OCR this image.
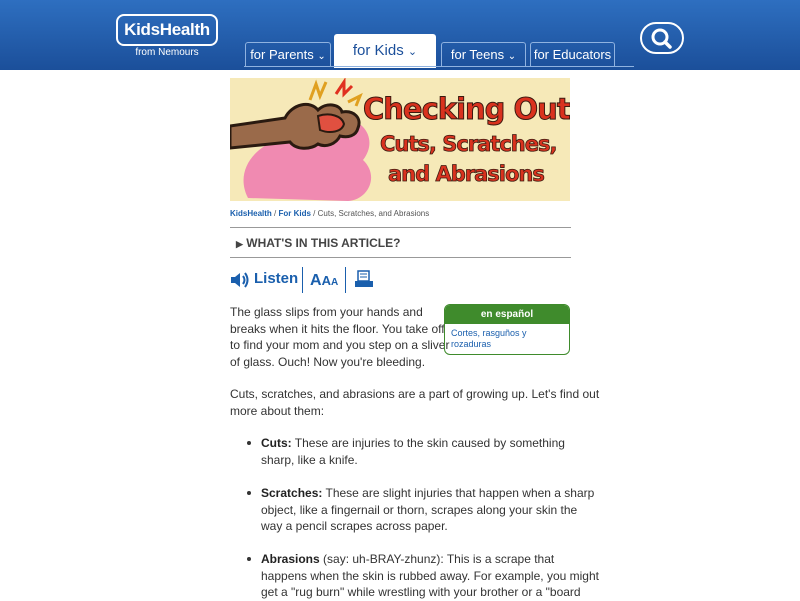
KidsHealth
from Nemours	for Parents ⌄	for Kids ⌄	for Teens ⌄	for Educators
Checking Out
Cuts, Scratches,
and Abrasions
KidsHealth / For Kids / Cuts, Scratches, and Abrasions
▶ WHAT'S IN THIS ARTICLE?
Listen AAA
The glass slips from your hands and
breaks when it hits the floor. You take off
to find your mom and you step on a sliver
of glass. Ouch! Now you're bleeding.
en español
Cortes, rasguños y
rozaduras
Cuts, scratches, and abrasions are a part of growing up. Let's find out
more about them:
Cuts: These are injuries to the skin caused by something
sharp, like a knife.
Scratches: These are slight injuries that happen when a sharp
object, like a fingernail or thorn, scrapes along your skin the
way a pencil scrapes across paper.
Abrasions (say: uh-BRAY-zhunz): This is a scrape that
happens when the skin is rubbed away. For example, you might
get a "rug burn" while wrestling with your brother or a "board
